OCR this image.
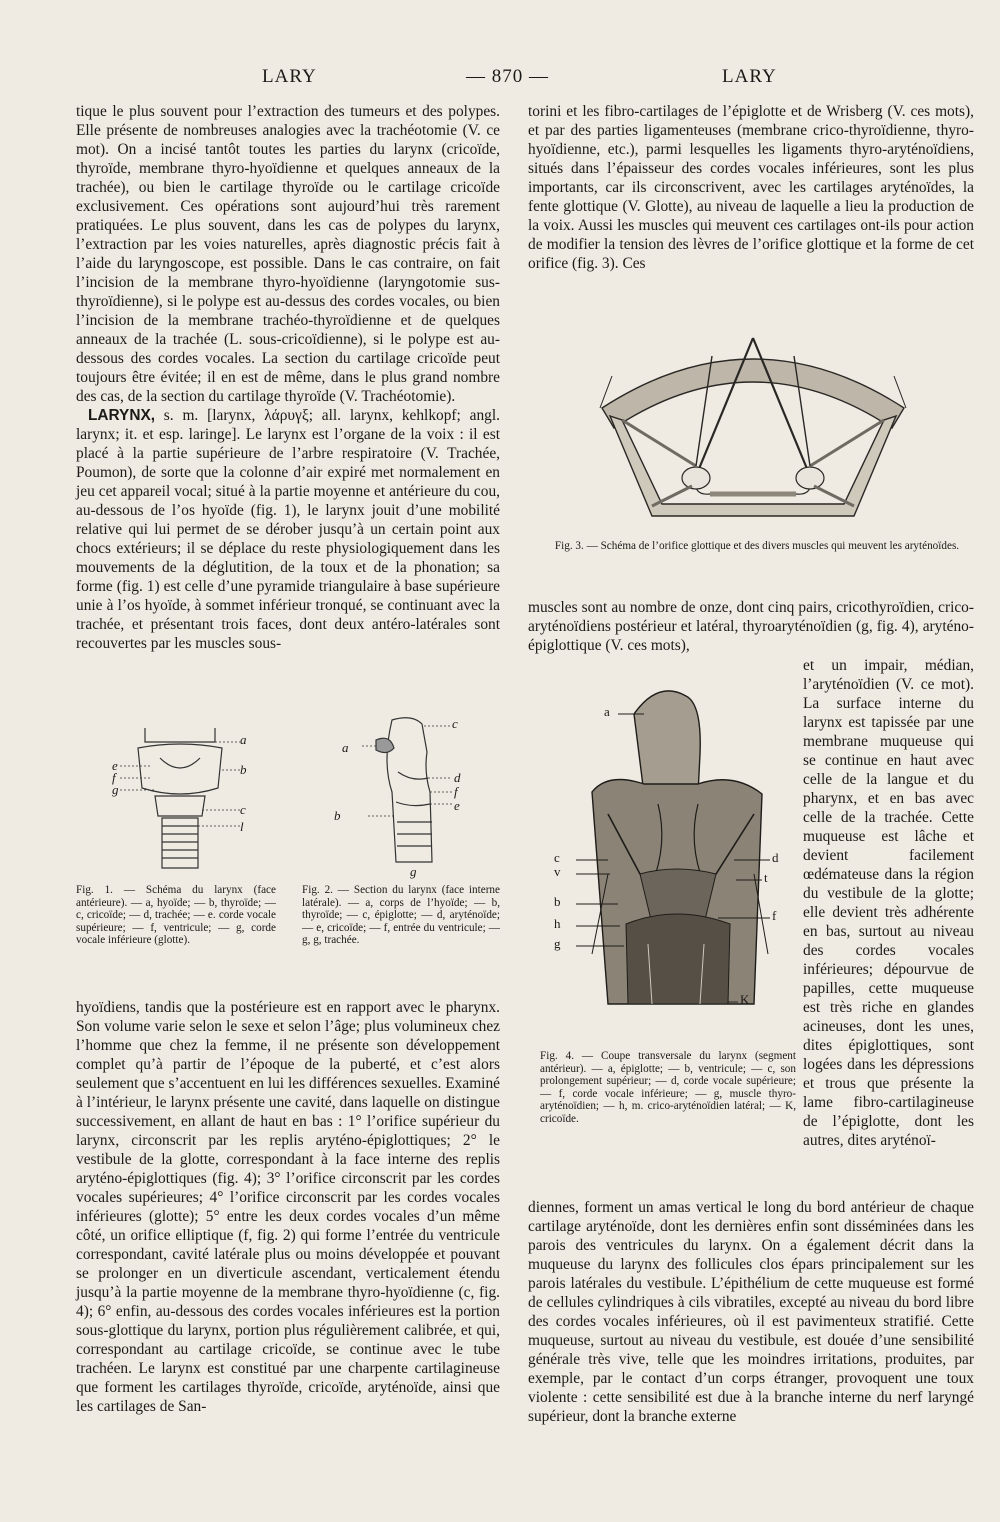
LARY	— 870 —	LARY

tique le plus souvent pour l’extraction des tumeurs et des polypes. Elle présente de nombreuses analogies avec la trachéotomie (V. ce mot). On a incisé tantôt toutes les parties du larynx (cricoïde, thyroïde, membrane thyro-hyoïdienne et quelques anneaux de la trachée), ou bien le cartilage thyroïde ou le cartilage cricoïde exclusivement. Ces opérations sont aujourd’hui très rarement pratiquées. Le plus souvent, dans les cas de polypes du larynx, l’extraction par les voies naturelles, après diagnostic précis fait à l’aide du laryngoscope, est possible. Dans le cas contraire, on fait l’incision de la membrane thyro-hyoïdienne (laryngotomie sus-thyroïdienne), si le polype est au-dessus des cordes vocales, ou bien l’incision de la membrane trachéo-thyroïdienne et de quelques anneaux de la trachée (L. sous-cricoïdienne), si le polype est au-dessous des cordes vocales. La section du cartilage cricoïde peut toujours être évitée; il en est de même, dans le plus grand nombre des cas, de la section du cartilage thyroïde (V. Trachéotomie).

LARYNX, s. m. [larynx, λάρυγξ; all. larynx, kehlkopf; angl. larynx; it. et esp. laringe]. Le larynx est l’organe de la voix : il est placé à la partie supérieure de l’arbre respiratoire (V. Trachée, Poumon), de sorte que la colonne d’air expiré met normalement en jeu cet appareil vocal; situé à la partie moyenne et antérieure du cou, au-dessous de l’os hyoïde (fig. 1), le larynx jouit d’une mobilité relative qui lui permet de se dérober jusqu’à un certain point aux chocs extérieurs; il se déplace du reste physiologiquement dans les mouvements de la déglutition, de la toux et de la phonation; sa forme (fig. 1) est celle d’une pyramide triangulaire à base supérieure unie à l’os hyoïde, à sommet inférieur tronqué, se continuant avec la trachée, et présentant trois faces, dont deux antéro-latérales sont recouvertes par les muscles sous-

a
b
c
l
e
f
g
c
a
d
f
e
b
g

Fig. 1. — Schéma du larynx (face antérieure). — a, hyoïde; — b, thyroïde; — c, cricoïde; — d, trachée; — e. corde vocale supérieure; — f, ventricule; — g, corde vocale inférieure (glotte).

Fig. 2. — Section du larynx (face interne latérale). — a, corps de l’hyoïde; — b, thyroïde; — c, épiglotte; — d, aryténoïde; — e, cricoïde; — f, entrée du ventricule; — g, g, trachée.

hyoïdiens, tandis que la postérieure est en rapport avec le pharynx. Son volume varie selon le sexe et selon l’âge; plus volumineux chez l’homme que chez la femme, il ne présente son développement complet qu’à partir de l’époque de la puberté, et c’est alors seulement que s’accentuent en lui les différences sexuelles. Examiné à l’intérieur, le larynx présente une cavité, dans laquelle on distingue successivement, en allant de haut en bas : 1° l’orifice supérieur du larynx, circonscrit par les replis aryténo-épiglottiques; 2° le vestibule de la glotte, correspondant à la face interne des replis aryténo-épiglottiques (fig. 4); 3° l’orifice circonscrit par les cordes vocales supérieures; 4° l’orifice circonscrit par les cordes vocales inférieures (glotte); 5° entre les deux cordes vocales d’un même côté, un orifice elliptique (f, fig. 2) qui forme l’entrée du ventricule correspondant, cavité latérale plus ou moins développée et pouvant se prolonger en un diverticule ascendant, verticalement étendu jusqu’à la partie moyenne de la membrane thyro-hyoïdienne (c, fig. 4); 6° enfin, au-dessous des cordes vocales inférieures est la portion sous-glottique du larynx, portion plus régulièrement calibrée, et qui, correspondant au cartilage cricoïde, se continue avec le tube trachéen. Le larynx est constitué par une charpente cartilagineuse que forment les cartilages thyroïde, cricoïde, aryténoïde, ainsi que les cartilages de San-

torini et les fibro-cartilages de l’épiglotte et de Wrisberg (V. ces mots), et par des parties ligamenteuses (membrane crico-thyroïdienne, thyro-hyoïdienne, etc.), parmi lesquelles les ligaments thyro-aryténoïdiens, situés dans l’épaisseur des cordes vocales inférieures, sont les plus importants, car ils circonscrivent, avec les cartilages aryténoïdes, la fente glottique (V. Glotte), au niveau de laquelle a lieu la production de la voix. Aussi les muscles qui meuvent ces cartilages ont-ils pour action de modifier la tension des lèvres de l’orifice glottique et la forme de cet orifice (fig. 3). Ces

Fig. 3. — Schéma de l’orifice glottique et des divers muscles qui meuvent les aryténoïdes.

muscles sont au nombre de onze, dont cinq pairs, cricothyroïdien, crico-aryténoïdiens postérieur et latéral, thyroaryténoïdien (g, fig. 4), aryténo-épiglottique (V. ces mots),

a
c
v
b
h
g
d
t
f
K

Fig. 4. — Coupe transversale du larynx (segment antérieur). — a, épiglotte; — b, ventricule; — c, son prolongement supérieur; — d, corde vocale supérieure; — f, corde vocale inférieure; — g, muscle thyro-aryténoïdien; — h, m. crico-aryténoïdien latéral; — K, cricoïde.

et un impair, médian, l’aryténoïdien (V. ce mot). La surface interne du larynx est tapissée par une membrane muqueuse qui se continue en haut avec celle de la langue et du pharynx, et en bas avec celle de la trachée. Cette muqueuse est lâche et devient facilement œdémateuse dans la région du vestibule de la glotte; elle devient très adhérente en bas, surtout au niveau des cordes vocales inférieures; dépourvue de papilles, cette muqueuse est très riche en glandes acineuses, dont les unes, dites épiglottiques, sont logées dans les dépressions et trous que présente la lame fibro-cartilagineuse de l’épiglotte, dont les autres, dites aryténoï-

diennes, forment un amas vertical le long du bord antérieur de chaque cartilage aryténoïde, dont les dernières enfin sont disséminées dans les parois des ventricules du larynx. On a également décrit dans la muqueuse du larynx des follicules clos épars principalement sur les parois latérales du vestibule. L’épithélium de cette muqueuse est formé de cellules cylindriques à cils vibratiles, excepté au niveau du bord libre des cordes vocales inférieures, où il est pavimenteux stratifié. Cette muqueuse, surtout au niveau du vestibule, est douée d’une sensibilité générale très vive, telle que les moindres irritations, produites, par exemple, par le contact d’un corps étranger, provoquent une toux violente : cette sensibilité est due à la branche interne du nerf laryngé supérieur, dont la branche externe
